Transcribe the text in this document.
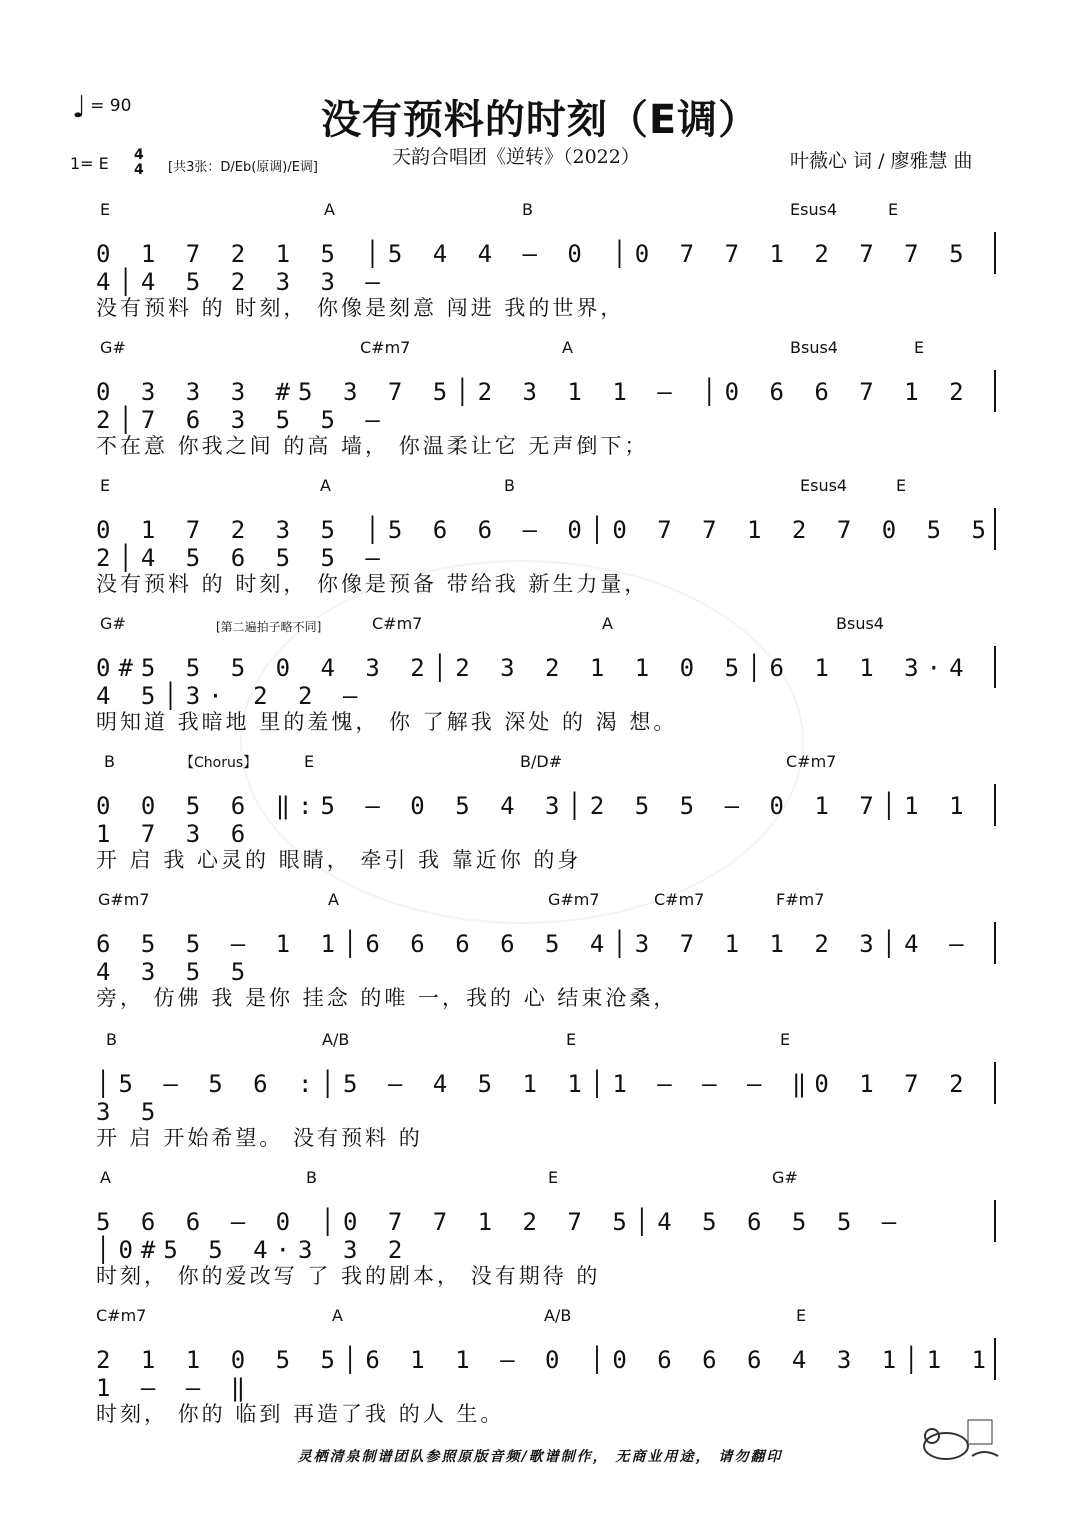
♩ = 90	没有预料的时刻（E调）
天韵合唱团《逆转》（2022）	叶薇心 词 / 廖雅慧 曲
1= E 4
4 [共3张：D/Eb(原调)/E调]
E	A	B	Esus4	E
0 1 7 2 1 5 │5 4 4 – 0 │0 7 7 1 2 7 7 5 4│4 5 2 3 3 –
没有预料 的 时刻， 你像是刻意 闯进 我的世界，
G#	C#m7	A	Bsus4	E
0 3 3 3 #5 3 7 5│2 3 1 1 – │0 6 6 7 1 2 2│7 6 3 5 5 –
不在意 你我之间 的高 墙， 你温柔让它 无声倒下；
E	A	B	Esus4	E
0 1 7 2 3 5 │5 6 6 – 0│0 7 7 1 2 7 0 5 5 2│4 5 6 5 5 –
没有预料 的 时刻， 你像是预备 带给我 新生力量，
G#	C#m7	A	Bsus4
[第二遍拍子略不同]
0#5 5 5 0 4 3 2│2 3 2 1 1 0 5│6 1 1 3·4 4 5│3· 2 2 –
明知道 我暗地 里的羞愧， 你 了解我 深处 的 渴 想。
B	E	B/D#	C#m7
【Chorus】
0 0 5 6 ‖:5 – 0 5 4 3│2 5 5 – 0 1 7│1 1 1 7 3 6
开 启 我 心灵的 眼睛， 牵引 我 靠近你 的身
G#m7	A	G#m7	C#m7	F#m7
6 5 5 – 1 1│6 6 6 6 5 4│3 7 1 1 2 3│4 – 4 3 5 5
旁， 仿佛 我 是你 挂念 的唯 一，我的 心 结束沧桑，
B	A/B	E	E
│5 – 5 6 :│5 – 4 5 1 1│1 – – – ‖0 1 7 2 3 5
开 启 开始希望。 没有预料 的
A	B	E	G#
5 6 6 – 0 │0 7 7 1 2 7 5│4 5 6 5 5 – │0#5 5 4·3 3 2
时刻， 你的爱改写 了 我的剧本， 没有期待 的
C#m7	A	A/B	E
2 1 1 0 5 5│6 1 1 – 0 │0 6 6 6 4 3 1│1 1 1 – – ‖
时刻， 你的 临到 再造了我 的人 生。
灵栖清泉制谱团队参照原版音频/歌谱制作， 无商业用途， 请勿翻印
